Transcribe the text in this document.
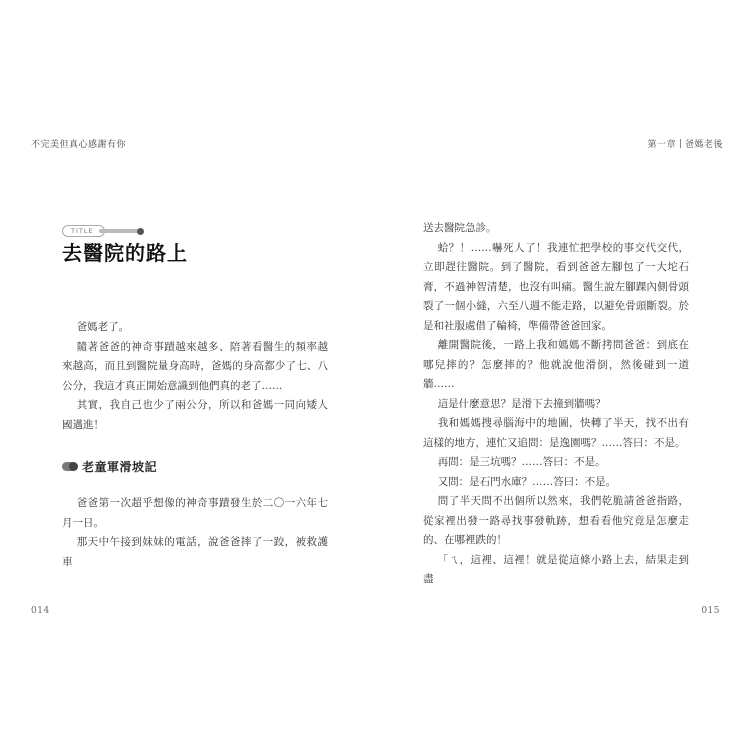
不完美但真心感謝有你
TITLE
去醫院的路上

爸媽老了。

隨著爸爸的神奇事蹟越來越多、陪著看醫生的頻率越來越高，而且到醫院量身高時，爸媽的身高都少了七、八公分，我這才真正開始意識到他們真的老了……

其實，我自己也少了兩公分，所以和爸媽一同向矮人國邁進！

老童軍滑坡記

爸爸第一次超乎想像的神奇事蹟發生於二〇一六年七月一日。

那天中午接到妹妹的電話，說爸爸摔了一跤，被救護車

014
第一章 爸媽老後

送去醫院急診。

蛤？！……嚇死人了！我連忙把學校的事交代交代，立即趕往醫院。到了醫院，看到爸爸左腳包了一大坨石膏，不過神智清楚，也沒有叫痛。醫生說左腳踝內側骨頭裂了一個小縫，六至八週不能走路，以避免骨頭斷裂。於是和社服處借了輪椅，準備帶爸爸回家。

離開醫院後，一路上我和媽媽不斷拷問爸爸：到底在哪兒摔的？怎麼摔的？他就說他滑倒，然後碰到一道牆……

這是什麼意思？是滑下去撞到牆嗎？

我和媽媽搜尋腦海中的地圖，快轉了半天，找不出有這樣的地方，連忙又追問：是逸園嗎？……答曰：不是。

再問：是三坑嗎？……答曰：不是。

又問：是石門水庫？……答曰：不是。

問了半天問不出個所以然來，我們乾脆請爸爸指路，從家裡出發一路尋找事發軌跡，想看看他究竟是怎麼走的、在哪裡跌的！

「ㄟ，這裡、這裡！就是從這條小路上去，結果走到盡

015
